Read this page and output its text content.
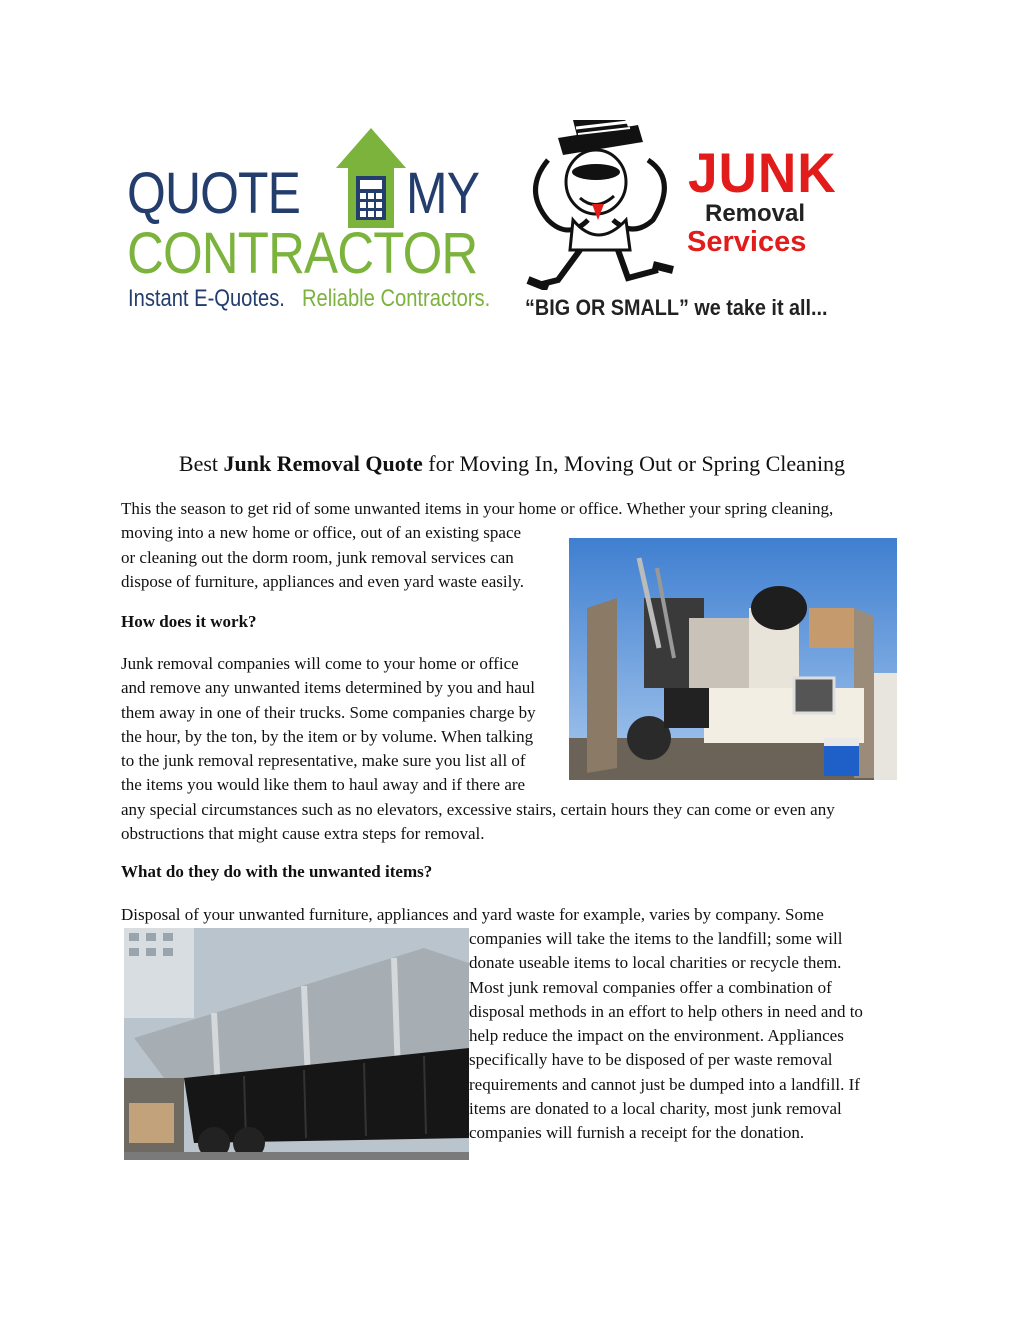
QUOTE MY
CONTRACTOR
Instant E-Quotes. Reliable Contractors.
JUNK
Removal
Services
“BIG OR SMALL” we take it all...
Best Junk Removal Quote for Moving In, Moving Out or Spring Cleaning
This the season to get rid of some unwanted items in your home or office. Whether your spring cleaning,
moving into a new home or office, out of an existing space
or cleaning out the dorm room, junk removal services can
dispose of furniture, appliances and even yard waste easily.
How does it work?
Junk removal companies will come to your home or office
and remove any unwanted items determined by you and haul
them away in one of their trucks. Some companies charge by
the hour, by the ton, by the item or by volume. When talking
to the junk removal representative, make sure you list all of
the items you would like them to haul away and if there are
any special circumstances such as no elevators, excessive stairs, certain hours they can come or even any
obstructions that might cause extra steps for removal.
What do they do with the unwanted items?
Disposal of your unwanted furniture, appliances and yard waste for example, varies by company. Some
companies will take the items to the landfill; some will
donate useable items to local charities or recycle them.
Most junk removal companies offer a combination of
disposal methods in an effort to help others in need and to
help reduce the impact on the environment. Appliances
specifically have to be disposed of per waste removal
requirements and cannot just be dumped into a landfill. If
items are donated to a local charity, most junk removal
companies will furnish a receipt for the donation.
